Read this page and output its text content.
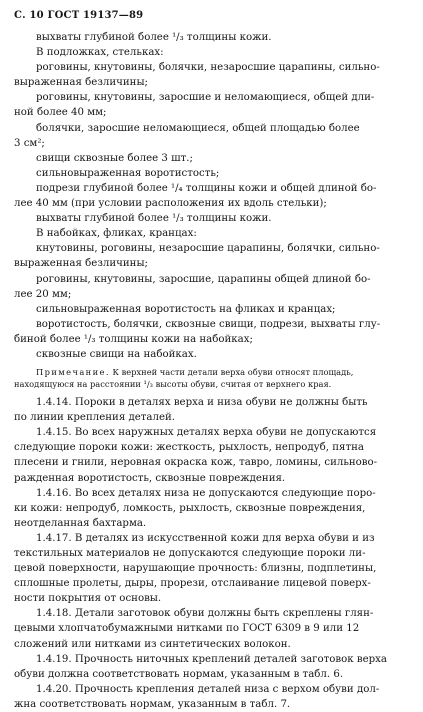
С. 10 ГОСТ 19137—89
выхваты глубиной более ¹/₃ толщины кожи.
В подложках, стельках:
роговины, кнутовины, болячки, незаросшие царапины, сильно-
выраженная безличины;
роговины, кнутовины, заросшие и неломающиеся, общей дли-
ной более 40 мм;
болячки, заросшие неломающиеся, общей площадью более
3 см²;
свищи сквозные более 3 шт.;
сильновыраженная воротистость;
подрези глубиной более ¹/₄ толщины кожи и общей длиной бо-
лее 40 мм (при условии расположения их вдоль стельки);
выхваты глубиной более ¹/₃ толщины кожи.
В набойках, фликах, кранцах:
кнутовины, роговины, незаросшие царапины, болячки, сильно-
выраженная безличины;
роговины, кнутовины, заросшие, царапины общей длиной бо-
лее 20 мм;
сильновыраженная воротистость на фликах и кранцах;
воротистость, болячки, сквозные свищи, подрези, выхваты глу-
биной более ¹/₃ толщины кожи на набойках;
сквозные свищи на набойках.
Примечание. К верхней части детали верха обуви относят площадь,
находящуюся на расстоянии ¹/₃ высоты обуви, считая от верхнего края.
1.4.14. Пороки в деталях верха и низа обуви не должны быть
по линии крепления деталей.
1.4.15. Во всех наружных деталях верха обуви не допускаются
следующие пороки кожи: жесткость, рыхлость, непродуб, пятна
плесени и гнили, неровная окраска кож, тавро, ломины, сильново-
ражденная воротистость, сквозные повреждения.
1.4.16. Во всех деталях низа не допускаются следующие поро-
ки кожи: непродуб, ломкость, рыхлость, сквозные повреждения,
неотделанная бахтарма.
1.4.17. В деталях из искусственной кожи для верха обуви и из
текстильных материалов не допускаются следующие пороки ли-
цевой поверхности, нарушающие прочность: близны, подплетины,
сплошные пролеты, дыры, прорези, отслаивание лицевой поверх-
ности покрытия от основы.
1.4.18. Детали заготовок обуви должны быть скреплены глян-
цевыми хлопчатобумажными нитками по ГОСТ 6309 в 9 или 12
сложений или нитками из синтетических волокон.
1.4.19. Прочность ниточных креплений деталей заготовок верха
обуви должна соответствовать нормам, указанным в табл. 6.
1.4.20. Прочность крепления деталей низа с верхом обуви дол-
жна соответствовать нормам, указанным в табл. 7.
